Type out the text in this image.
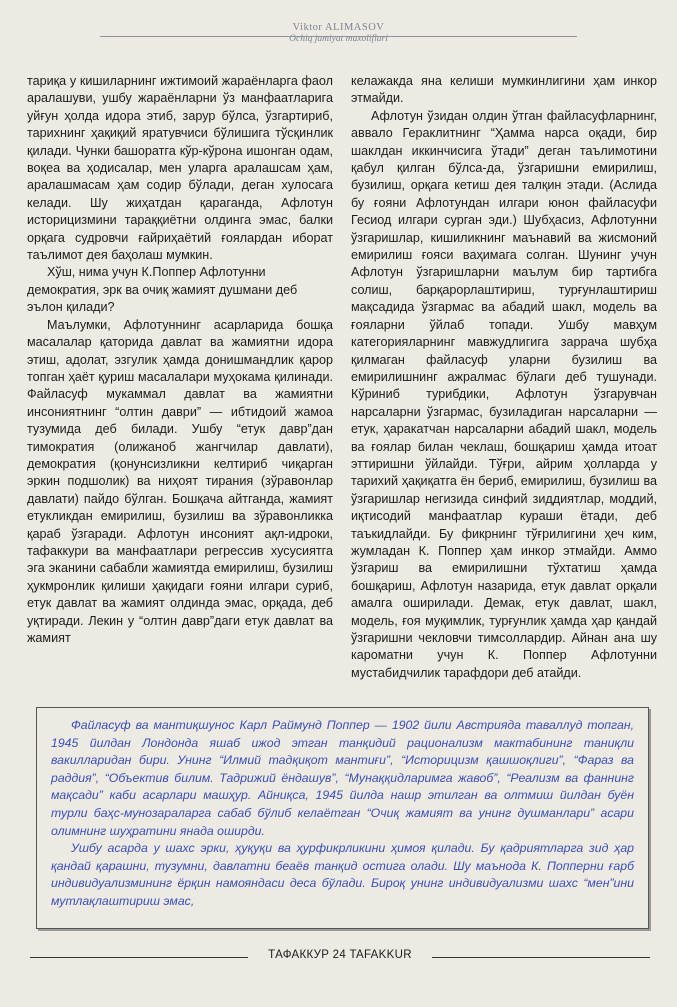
Viktor ALIMASOV
Ochiq jamiyat muxoliflari

тариқа у кишиларнинг ижтимоий жараёнларга фаол аралашуви, ушбу жараёнларни ўз манфаатларига уйғун ҳолда идора этиб, зарур бўлса, ўзгартириб, тарихнинг ҳақиқий яратувчиси бўлишига тўсқинлик қилади. Чунки башоратга кўр-кўрона ишонган одам, воқеа ва ҳодисалар, мен уларга аралашсам ҳам, аралашмасам ҳам содир бўлади, деган хулосага келади. Шу жиҳатдан қараганда, Афлотун историцизмини тараққиётни олдинга эмас, балки орқага судровчи ғайриҳаётий ғоялардан иборат таълимот дея баҳолаш мумкин.

Хўш, нима учун К.Поппер Афлотунни демократия, эрк ва очиқ жамият душмани деб эълон қилади?

Маълумки, Афлотуннинг асарларида бошқа масалалар қаторида давлат ва жамиятни идора этиш, адолат, эзгулик ҳамда донишмандлик қарор топган ҳаёт қуриш масалалари муҳокама қилинади. Файласуф мукаммал давлат ва жамиятни инсониятнинг “олтин даври” — ибтидоий жамоа тузумида деб билади. Ушбу “етук давр”дан тимократия (олижаноб жангчилар давлати), демократия (қонунсизликни келтириб чиқарган эркин подшолик) ва ниҳоят тирания (зўравонлар давлати) пайдо бўлган. Бошқача айтганда, жамият етукликдан емирилиш, бузилиш ва зўравонликка қараб ўзгаради. Афлотун инсоният ақл-идроки, тафаккури ва манфаатлари регрессив хусусиятга эга эканини сабабли жамиятда емирилиш, бузилиш ҳукмронлик қилиши ҳақидаги ғояни илгари суриб, етук давлат ва жамият олдинда эмас, орқада, деб уқтиради. Лекин у “олтин давр”даги етук давлат ва жамият

келажакда яна келиши мумкинлигини ҳам инкор этмайди.

Афлотун ўзидан олдин ўтган файласуфларнинг, аввало Гераклитнинг “Ҳамма нарса оқади, бир шаклдан иккинчисига ўтади” деган таълимотини қабул қилган бўлса-да, ўзгаришни емирилиш, бузилиш, орқага кетиш дея талқин этади. (Аслида бу ғояни Афлотундан илгари юнон файласуфи Гесиод илгари сурган эди.) Шубҳасиз, Афлотунни ўзгаришлар, кишиликнинг маънавий ва жисмоний емирилиш ғояси ваҳимага солган. Шунинг учун Афлотун ўзгаришларни маълум бир тартибга солиш, барқарорлаштириш, турғунлаштириш мақсадида ўзгармас ва абадий шакл, модель ва ғояларни ўйлаб топади. Ушбу мавҳум категорияларнинг мавжудлигига заррача шубҳа қилмаган файласуф уларни бузилиш ва емирилишнинг ажралмас бўлаги деб тушунади. Кўриниб турибдики, Афлотун ўзгарувчан нарсаларни ўзгармас, бузиладиган нарсаларни — етук, ҳаракатчан нарсаларни абадий шакл, модель ва ғоялар билан чеклаш, бошқариш ҳамда итоат эттиришни ўйлайди. Тўғри, айрим ҳолларда у тарихий ҳақиқатга ён бериб, емирилиш, бузилиш ва ўзгаришлар негизида синфий зиддиятлар, моддий, иқтисодий манфаатлар кураши ётади, деб таъкидлайди. Бу фикрнинг тўғрилигини ҳеч ким, жумладан К. Поппер ҳам инкор этмайди. Аммо ўзгариш ва емирилишни тўхтатиш ҳамда бошқариш, Афлотун назарида, етук давлат орқали амалга оширилади. Демак, етук давлат, шакл, модель, ғоя муқимлик, турғунлик ҳамда ҳар қандай ўзгаришни чекловчи тимсоллардир. Айнан ана шу кароматни учун К. Поппер Афлотунни мустабидчилик тарафдори деб атайди.

Файласуф ва мантиқшунос Карл Раймунд Поппер — 1902 йили Австрияда таваллуд топган, 1945 йилдан Лондонда яшаб ижод этган танқидий рационализм мактабининг таниқли вакилларидан бири. Унинг “Илмий тадқиқот мантиғи”, “Историцизм қашшоқлиги”, “Фараз ва раддия”, “Объектив билим. Тадрижий ёндашув”, “Мунаққидларимга жавоб”, “Реализм ва фаннинг мақсади” каби асарлари машҳур. Айниқса, 1945 йилда нашр этилган ва олтмиш йилдан буён турли баҳс-мунозараларга сабаб бўлиб келаётган “Очиқ жамият ва унинг душманлари” асари олимнинг шуҳратини янада оширди.

Ушбу асарда у шахс эрки, ҳуқуқи ва ҳурфикрликини ҳимоя қилади. Бу қадриятларга зид ҳар қандай қарашни, тузумни, давлатни беаёв танқид остига олади. Шу маънода К. Попперни ғарб индивидуализмининг ёрқин намояндаси деса бўлади. Бироқ унинг индивидуализми шахс “мен”ини мутлақлаштириш эмас,

ТАФАККУР 24 TAFAKKUR
